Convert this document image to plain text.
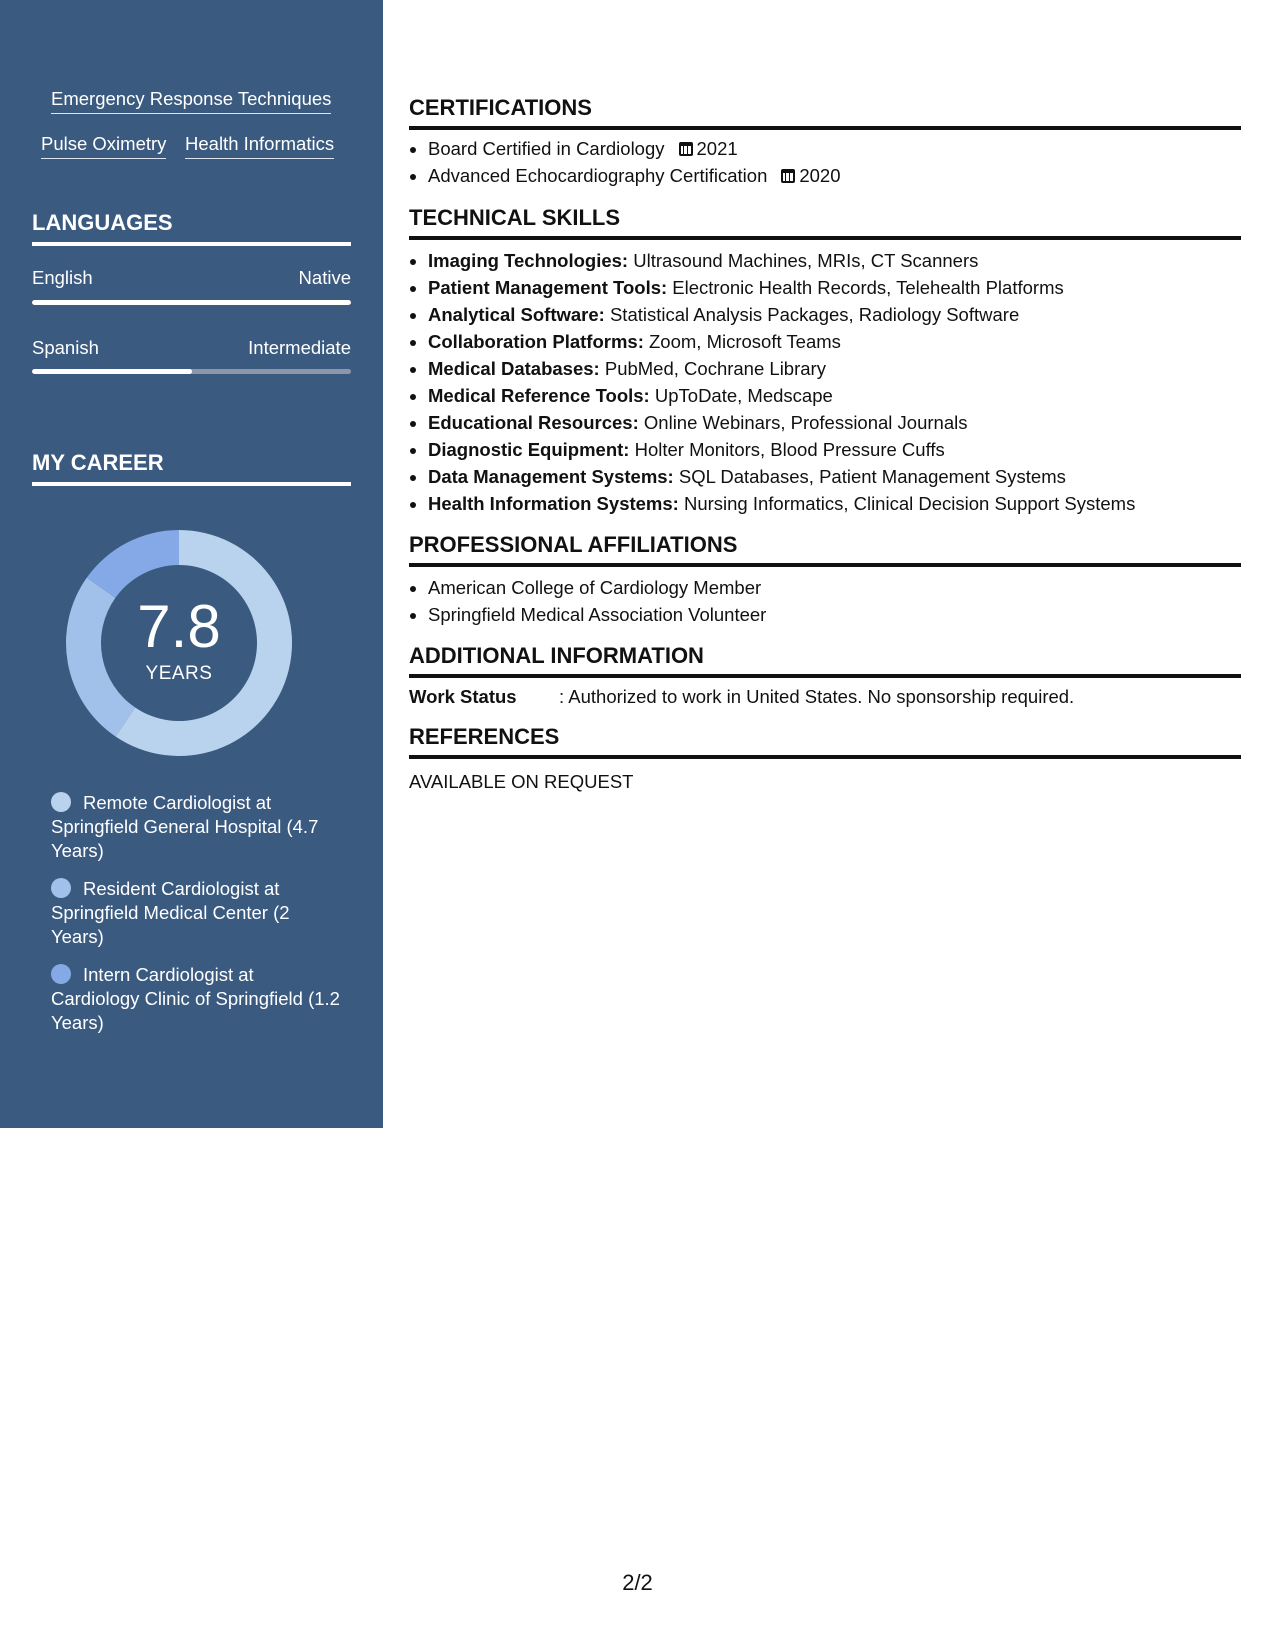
Emergency Response Techniques
Pulse Oximetry Health Informatics
LANGUAGES
English	Native
Spanish	Intermediate
MY CAREER
7.8
YEARS
Remote Cardiologist at Springfield General Hospital (4.7 Years)
Resident Cardiologist at Springfield Medical Center (2 Years)
Intern Cardiologist at Cardiology Clinic of Springfield (1.2 Years)
CERTIFICATIONS
• Board Certified in Cardiology 2021
• Advanced Echocardiography Certification 2020
TECHNICAL SKILLS
• Imaging Technologies: Ultrasound Machines, MRIs, CT Scanners
• Patient Management Tools: Electronic Health Records, Telehealth Platforms
• Analytical Software: Statistical Analysis Packages, Radiology Software
• Collaboration Platforms: Zoom, Microsoft Teams
• Medical Databases: PubMed, Cochrane Library
• Medical Reference Tools: UpToDate, Medscape
• Educational Resources: Online Webinars, Professional Journals
• Diagnostic Equipment: Holter Monitors, Blood Pressure Cuffs
• Data Management Systems: SQL Databases, Patient Management Systems
• Health Information Systems: Nursing Informatics, Clinical Decision Support Systems
PROFESSIONAL AFFILIATIONS
• American College of Cardiology Member
• Springfield Medical Association Volunteer
ADDITIONAL INFORMATION
Work Status : Authorized to work in United States. No sponsorship required.
REFERENCES
AVAILABLE ON REQUEST
2/2
